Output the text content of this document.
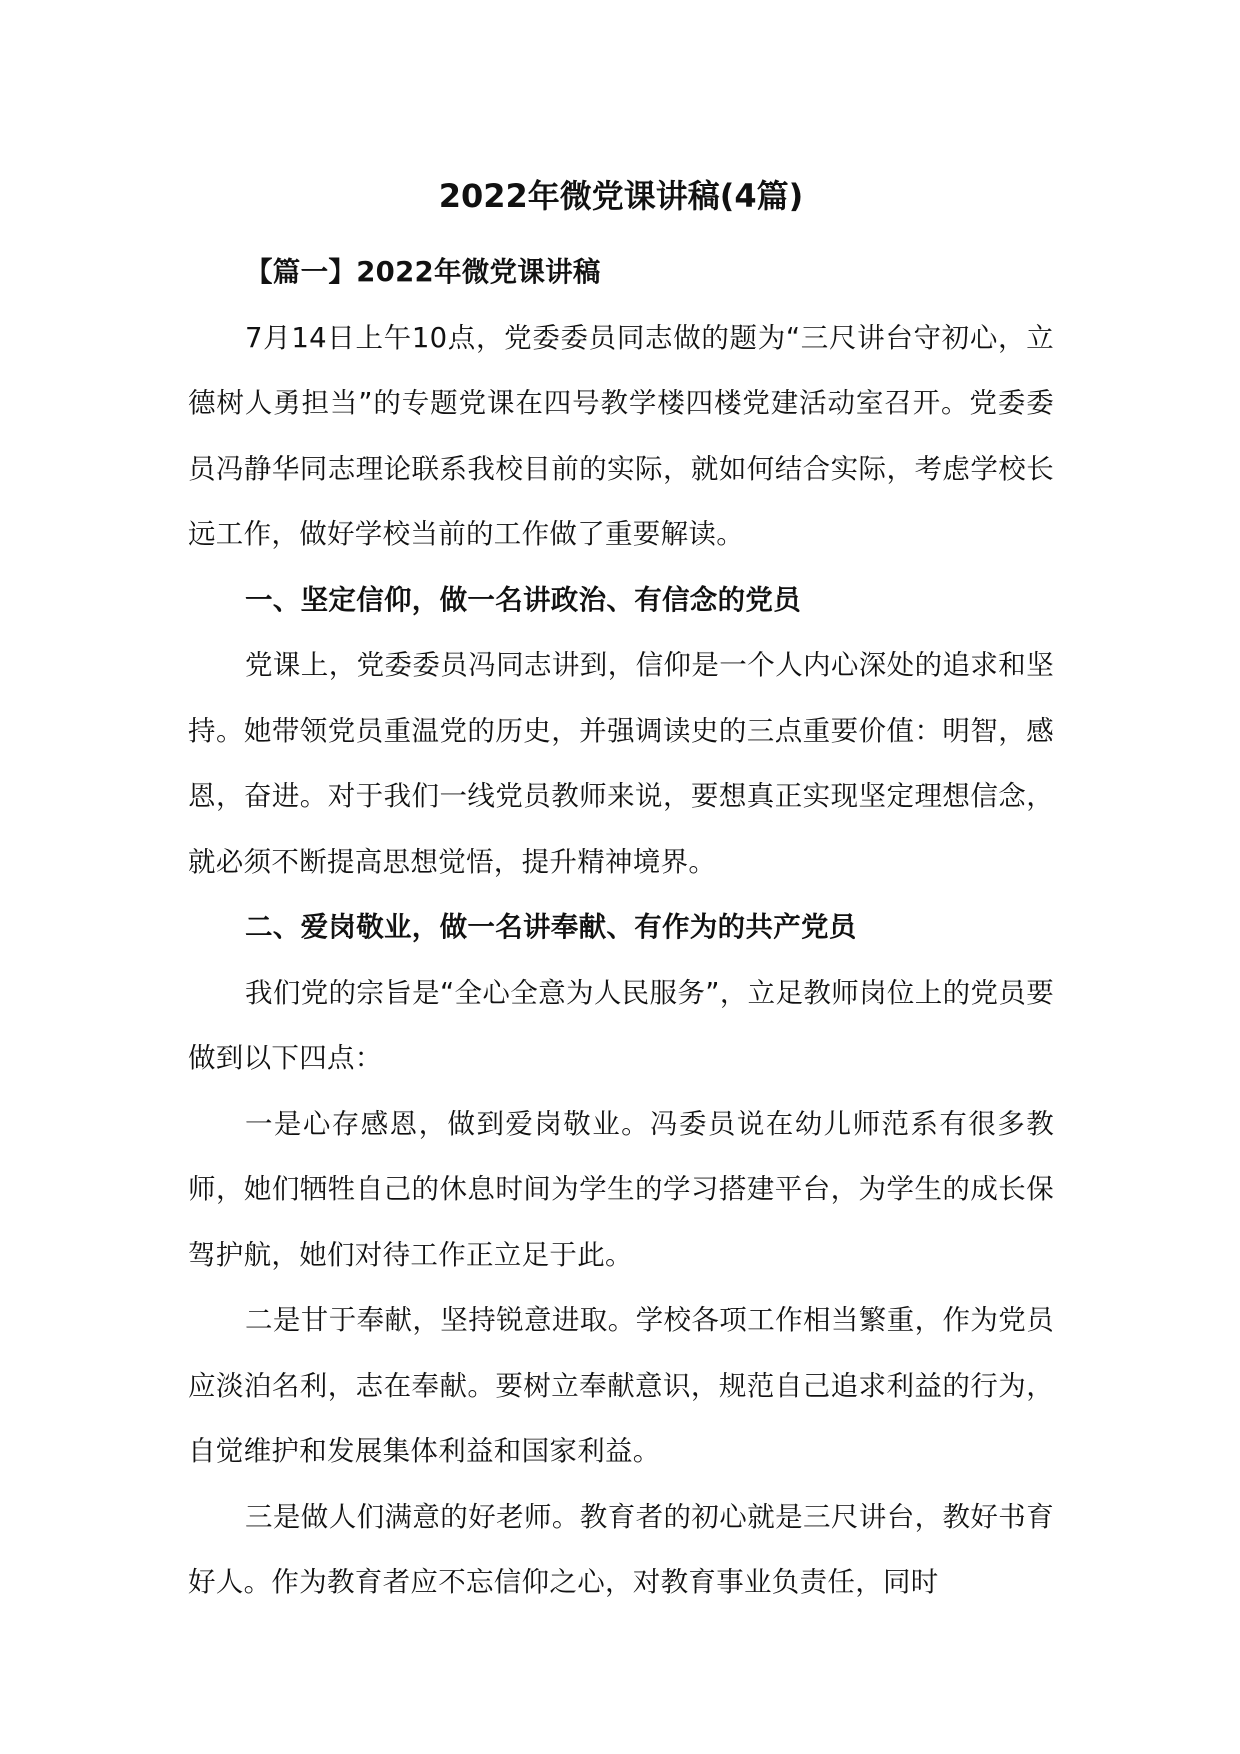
2022年微党课讲稿(4篇)

【篇一】2022年微党课讲稿

7月14日上午10点，党委委员同志做的题为“三尺讲台守初心，立德树人勇担当”的专题党课在四号教学楼四楼党建活动室召开。党委委员冯静华同志理论联系我校目前的实际，就如何结合实际，考虑学校长远工作，做好学校当前的工作做了重要解读。

一、坚定信仰，做一名讲政治、有信念的党员

党课上，党委委员冯同志讲到，信仰是一个人内心深处的追求和坚持。她带领党员重温党的历史，并强调读史的三点重要价值：明智，感恩，奋进。对于我们一线党员教师来说，要想真正实现坚定理想信念，就必须不断提高思想觉悟，提升精神境界。

二、爱岗敬业，做一名讲奉献、有作为的共产党员

我们党的宗旨是“全心全意为人民服务”，立足教师岗位上的党员要做到以下四点：

一是心存感恩，做到爱岗敬业。冯委员说在幼儿师范系有很多教师，她们牺牲自己的休息时间为学生的学习搭建平台，为学生的成长保驾护航，她们对待工作正立足于此。

二是甘于奉献，坚持锐意进取。学校各项工作相当繁重，作为党员应淡泊名利，志在奉献。要树立奉献意识，规范自己追求利益的行为，自觉维护和发展集体利益和国家利益。

三是做人们满意的好老师。教育者的初心就是三尺讲台，教好书育好人。作为教育者应不忘信仰之心，对教育事业负责任，同时
